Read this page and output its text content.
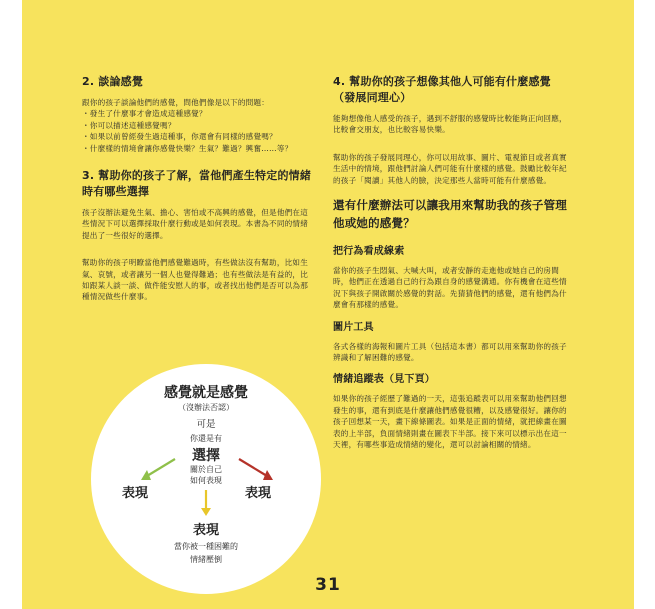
2. 談論感覺

跟你的孩子談論他們的感覺，問他們像是以下的問題：

・ 發生了什麼事才會造成這種感覺？
・ 你可以描述這種感覺嗎？
・ 如果以前曾經發生過這種事，你還會有同樣的感覺嗎？
・ 什麼樣的情境會讓你感覺快樂？生氣？難過？興奮……等？
3. 幫助你的孩子了解，當他們產生特定的情緒時有哪些選擇

孩子沒辦法避免生氣、擔心、害怕或不高興的感覺，但是他們在這些情況下可以選擇採取什麼行動或是如何表現。本書為不同的情緒提出了一些很好的選擇。

幫助你的孩子明瞭當他們感覺難過時，有些做法沒有幫助，比如生氣、哀號，或者讓另一個人也覺得難過；也有些做法是有益的，比如跟某人談一談、做件能安慰人的事，或者找出他們是否可以為那種情況做些什麼事。

感覺就是感覺
（沒辦法否認）
可是
你還是有
選擇
關於自己
如何表現
表現	表現
表現
當你被一種困難的
情緒壓倒
4. 幫助你的孩子想像其他人可能有什麼感覺（發展同理心）

能夠想像他人感受的孩子，遇到不舒服的感覺時比較能夠正向回應，比較會交朋友，也比較容易快樂。

幫助你的孩子發展同理心，你可以用故事、圖片、電視節目或者真實生活中的情境，跟他們討論人們可能有什麼樣的感覺。鼓勵比較年紀的孩子「閱讀」其他人的臉，決定那些人當時可能有什麼感覺。

還有什麼辦法可以讓我用來幫助我的孩子管理他或她的感覺？
把行為看成線索

當你的孩子生悶氣、大喊大叫，或者安靜的走進他或她自己的房間時，他們正在透過自己的行為跟自身的感覺溝通。你有機會在這些情況下與孩子開啟關於感覺的對話。先猜猜他們的感覺，還有他們為什麼會有那樣的感覺。

圖片工具

各式各樣的海報和圖片工具（包括這本書）都可以用來幫助你的孩子辨識和了解困難的感覺。

情緒追蹤表（見下頁）

如果你的孩子經歷了難過的一天，這張追蹤表可以用來幫助他們回想發生的事，還有到底是什麼讓他們感覺很糟，以及感覺很好。讓你的孩子回想某一天，畫下線條圖表。如果是正面的情緒，就把線畫在圖表的上半部，負面情緒則畫在圖表下半部。接下來可以標示出在這一天裡，有哪些事造成情緒的變化，還可以討論相關的情緒。

31
